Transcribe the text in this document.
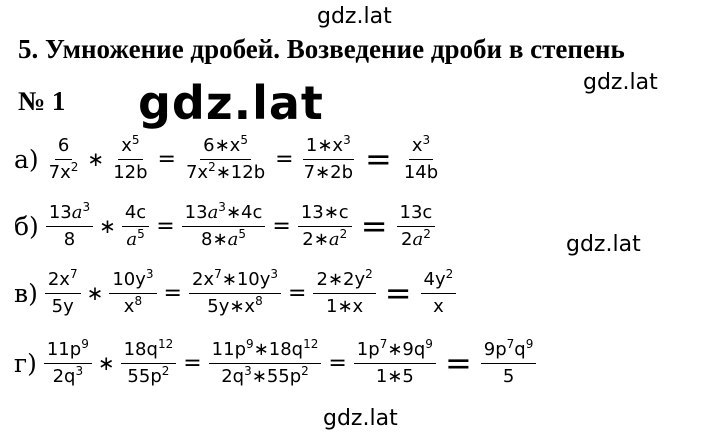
gdz.lat
gdz.lat
gdz.lat
gdz.lat
gdz.lat
5. Умножение дробей. Возведение дроби в степень
№ 1
$а) \frac{6}{7x^2}$ ∗ $\frac{x^5}{12b} = \frac{6∗x^5}{7x^2∗12b} = \frac{1∗x^3}{7∗2b} = \frac{x^3}{14b}$
$б) \frac{13a^3}{8}$ ∗ $\frac{4c}{a^5} = \frac{13a^3∗4c}{8∗a^5} = \frac{13∗c}{2∗a^2} = \frac{13c}{2a^2}$
$в) \frac{2x^7}{5y}$ ∗ $\frac{10y^3}{x^8} = \frac{2x^7∗10y^3}{5y∗x^8} = \frac{2∗2y^2}{1∗x} = \frac{4y^2}{x}$
$г) \frac{11p^9}{2q^3}$ ∗ $\frac{18q^{12}}{55p^2} = \frac{11p^9∗18q^{12}}{2q^3∗55p^2} = \frac{1p^7∗9q^9}{1∗5} = \frac{9p^7q^9}{5}$
